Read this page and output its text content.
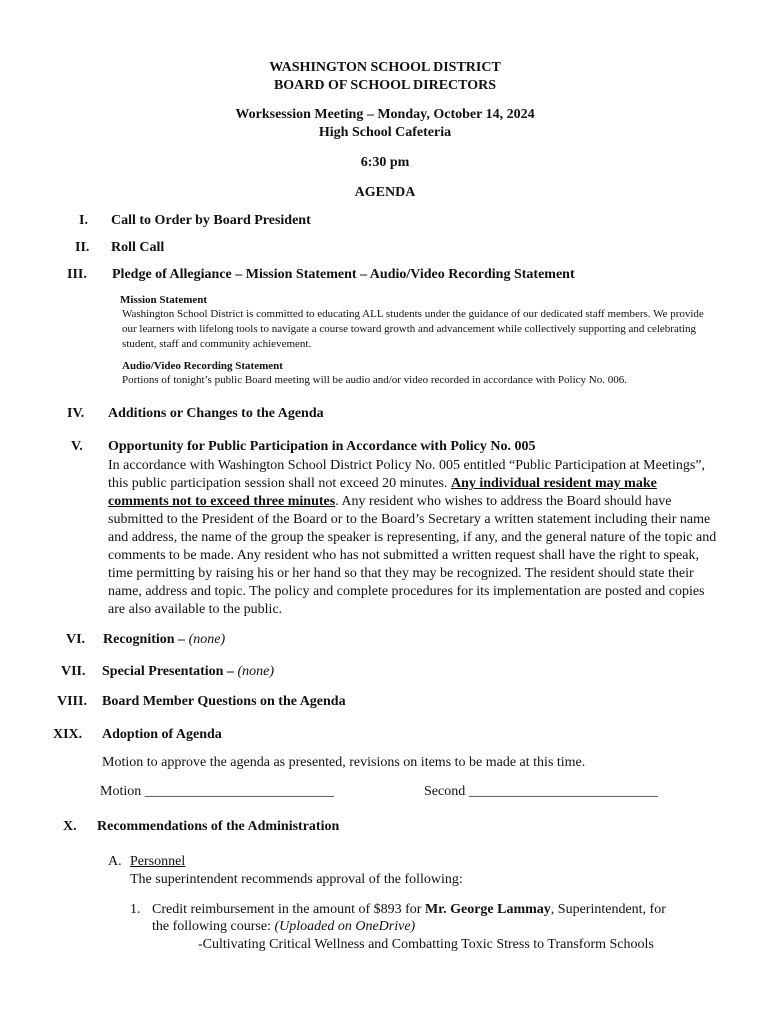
WASHINGTON SCHOOL DISTRICT
BOARD OF SCHOOL DIRECTORS
Worksession Meeting – Monday, October 14, 2024
High School Cafeteria
6:30 pm
AGENDA
I. Call to Order by Board President
II. Roll Call
III. Pledge of Allegiance – Mission Statement – Audio/Video Recording Statement
Mission Statement
Washington School District is committed to educating ALL students under the guidance of our dedicated staff members. We provide our learners with lifelong tools to navigate a course toward growth and advancement while collectively supporting and celebrating student, staff and community achievement.
Audio/Video Recording Statement
Portions of tonight’s public Board meeting will be audio and/or video recorded in accordance with Policy No. 006.
IV. Additions or Changes to the Agenda
V. Opportunity for Public Participation in Accordance with Policy No. 005
In accordance with Washington School District Policy No. 005 entitled “Public Participation at Meetings”, this public participation session shall not exceed 20 minutes. Any individual resident may make comments not to exceed three minutes. Any resident who wishes to address the Board should have submitted to the President of the Board or to the Board’s Secretary a written statement including their name and address, the name of the group the speaker is representing, if any, and the general nature of the topic and comments to be made. Any resident who has not submitted a written request shall have the right to speak, time permitting by raising his or her hand so that they may be recognized. The resident should state their name, address and topic. The policy and complete procedures for its implementation are posted and copies are also available to the public.
VI. Recognition – (none)
VII. Special Presentation – (none)
VIII. Board Member Questions on the Agenda
XIX. Adoption of Agenda
Motion to approve the agenda as presented, revisions on items to be made at this time.
Motion ___________________________	Second ___________________________
X. Recommendations of the Administration
A. Personnel
The superintendent recommends approval of the following:
1. Credit reimbursement in the amount of $893 for Mr. George Lammay, Superintendent, for
the following course: (Uploaded on OneDrive)
-Cultivating Critical Wellness and Combatting Toxic Stress to Transform Schools
